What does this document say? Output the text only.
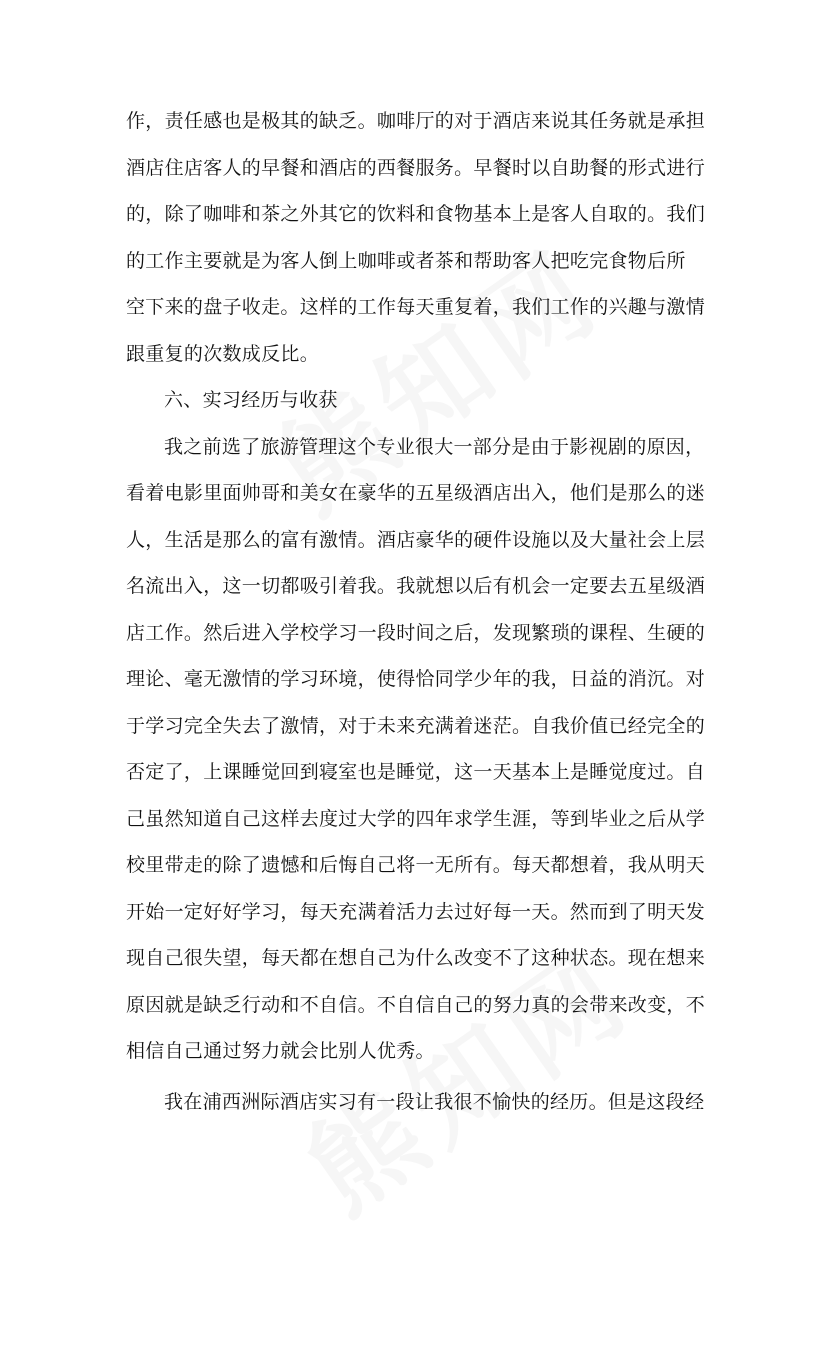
作，责任感也是极其的缺乏。咖啡厅的对于酒店来说其任务就是承担
酒店住店客人的早餐和酒店的西餐服务。早餐时以自助餐的形式进行
的，除了咖啡和茶之外其它的饮料和食物基本上是客人自取的。我们
的工作主要就是为客人倒上咖啡或者茶和帮助客人把吃完食物后所
空下来的盘子收走。这样的工作每天重复着，我们工作的兴趣与激情
跟重复的次数成反比。
六、实习经历与收获
我之前选了旅游管理这个专业很大一部分是由于影视剧的原因，
看着电影里面帅哥和美女在豪华的五星级酒店出入，他们是那么的迷
人，生活是那么的富有激情。酒店豪华的硬件设施以及大量社会上层
名流出入，这一切都吸引着我。我就想以后有机会一定要去五星级酒
店工作。然后进入学校学习一段时间之后，发现繁琐的课程、生硬的
理论、毫无激情的学习环境，使得恰同学少年的我，日益的消沉。对
于学习完全失去了激情，对于未来充满着迷茫。自我价值已经完全的
否定了，上课睡觉回到寝室也是睡觉，这一天基本上是睡觉度过。自
己虽然知道自己这样去度过大学的四年求学生涯，等到毕业之后从学
校里带走的除了遗憾和后悔自己将一无所有。每天都想着，我从明天
开始一定好好学习，每天充满着活力去过好每一天。然而到了明天发
现自己很失望，每天都在想自己为什么改变不了这种状态。现在想来
原因就是缺乏行动和不自信。不自信自己的努力真的会带来改变，不
相信自己通过努力就会比别人优秀。
我在浦西洲际酒店实习有一段让我很不愉快的经历。但是这段经
